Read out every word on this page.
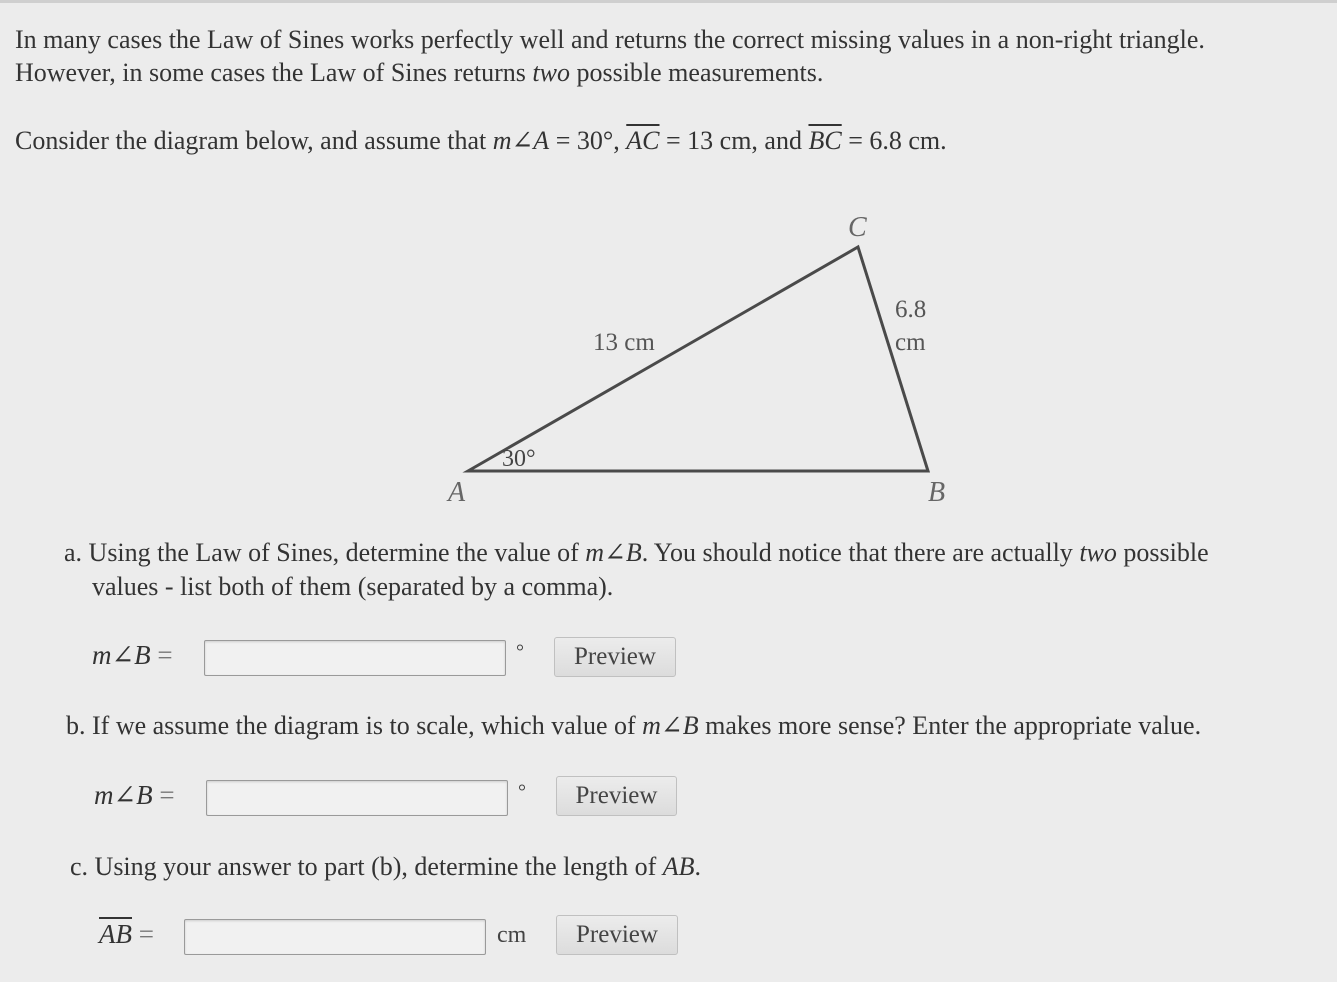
In many cases the Law of Sines works perfectly well and returns the correct missing values in a non-right triangle.

However, in some cases the Law of Sines returns two possible measurements.

Consider the diagram below, and assume that m∠A = 30°, $\overline{AC} = 13$ cm, and $\overline{BC} = 6.8$ cm.

C
A	B
13 cm
6.8
cm
30°

a. Using the Law of Sines, determine the value of m∠B. You should notice that there are actually two possible

values - list both of them (separated by a comma).

m∠B =	°	Preview

b. If we assume the diagram is to scale, which value of m∠B makes more sense? Enter the appropriate value.

m∠B =	°	Preview

c. Using your answer to part (b), determine the length of AB.

$\overline{AB}$ =	cm	Preview
